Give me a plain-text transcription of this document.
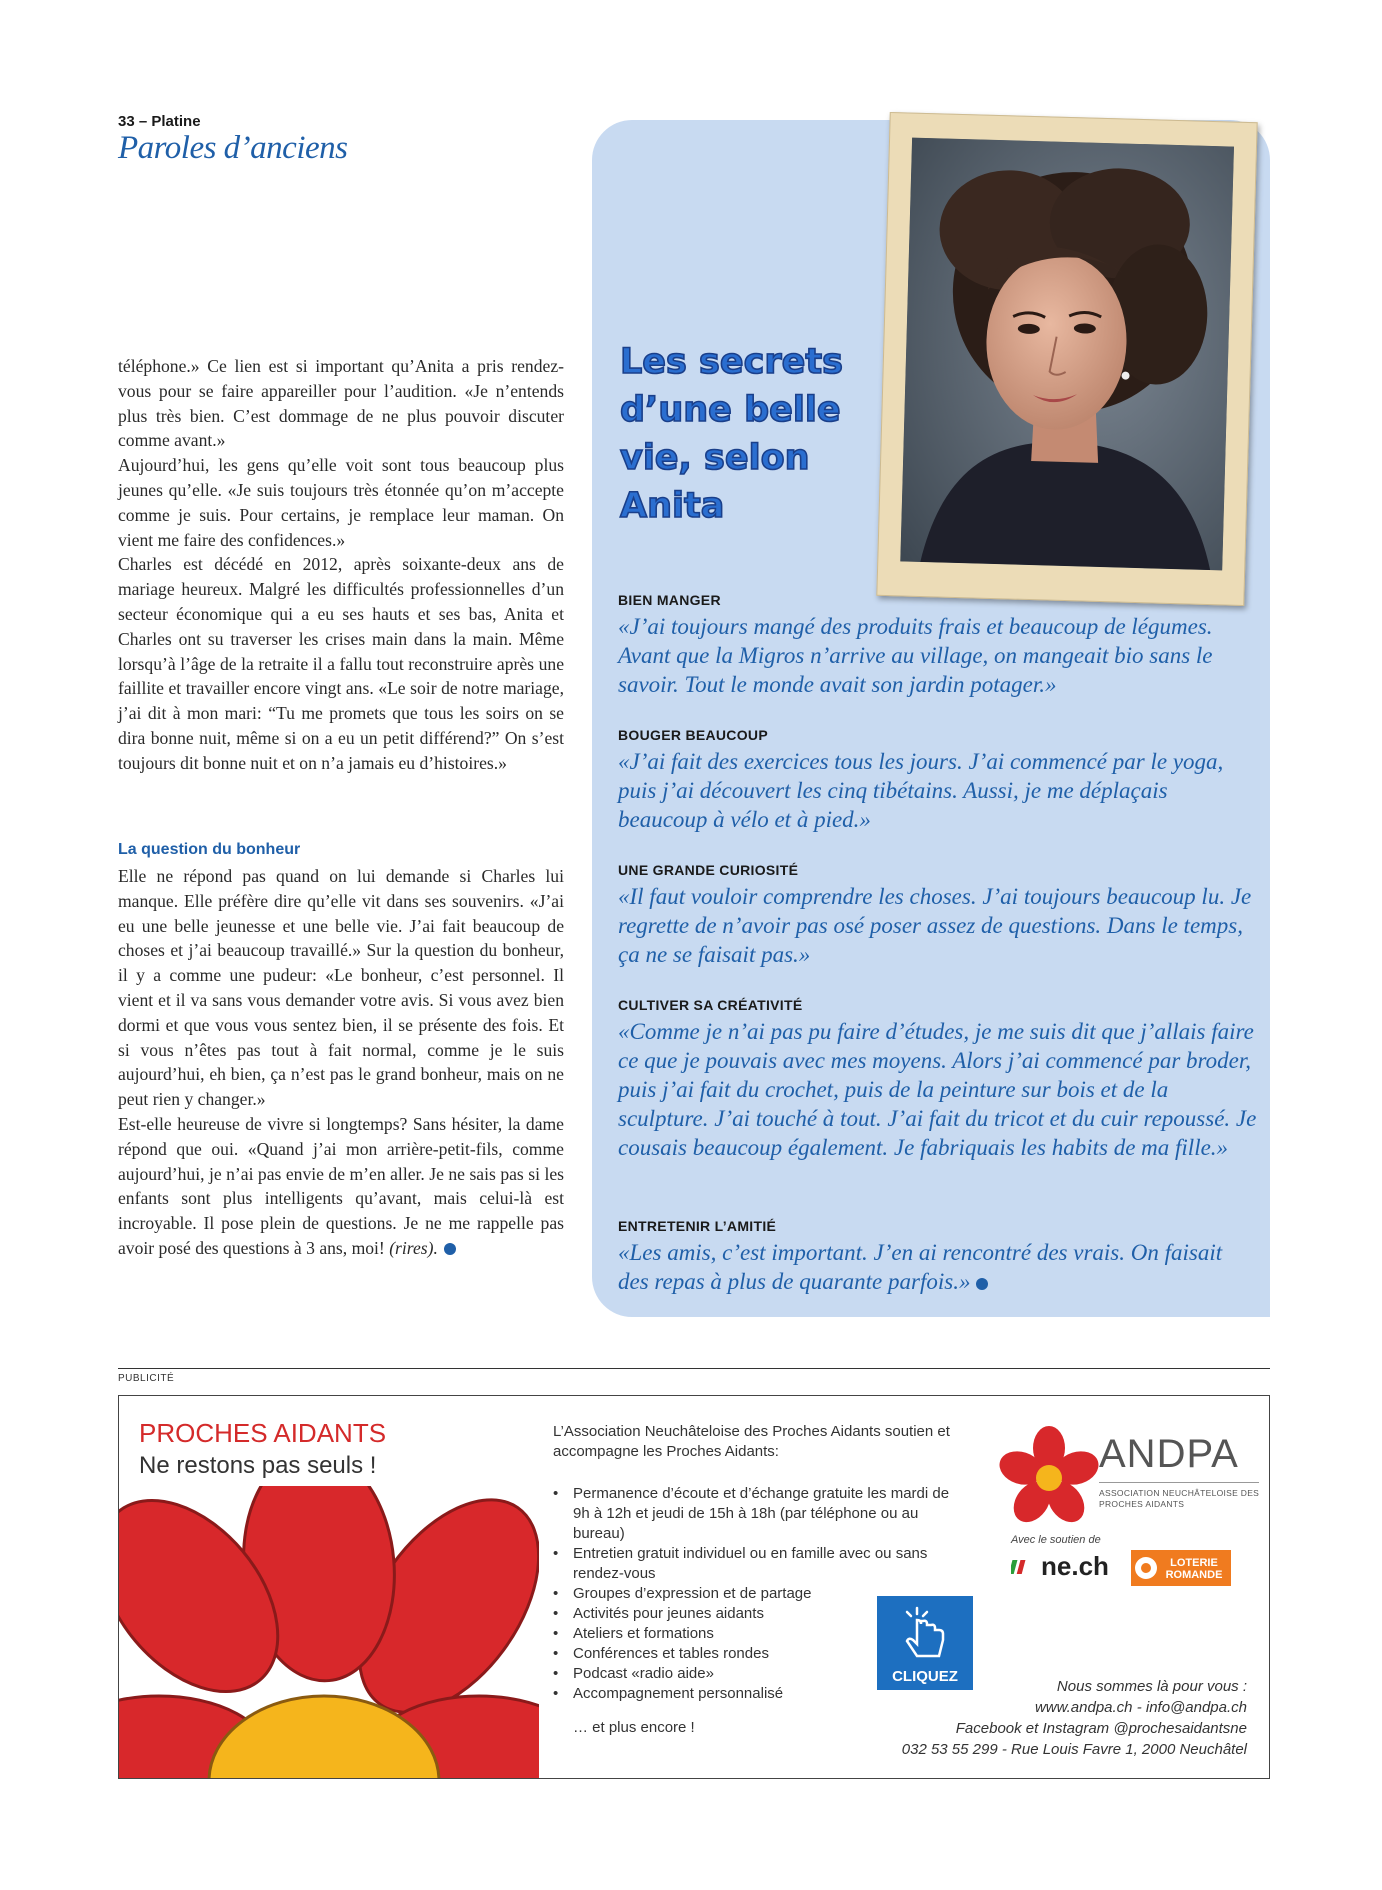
33 – Platine
Paroles d’anciens

téléphone.» Ce lien est si important qu’Anita a pris rendez-vous pour se faire appareiller pour l’audition. «Je n’entends plus très bien. C’est dommage de ne plus pouvoir discuter comme avant.»

Aujourd’hui, les gens qu’elle voit sont tous beaucoup plus jeunes qu’elle. «Je suis toujours très étonnée qu’on m’accepte comme je suis. Pour certains, je remplace leur maman. On vient me faire des confidences.»

Charles est décédé en 2012, après soixante-deux ans de mariage heureux. Malgré les difficultés professionnelles d’un secteur économique qui a eu ses hauts et ses bas, Anita et Charles ont su traverser les crises main dans la main. Même lorsqu’à l’âge de la retraite il a fallu tout reconstruire après une faillite et travailler encore vingt ans. «Le soir de notre mariage, j’ai dit à mon mari: “Tu me promets que tous les soirs on se dira bonne nuit, même si on a eu un petit différend?” On s’est toujours dit bonne nuit et on n’a jamais eu d’histoires.»

La question du bonheur

Elle ne répond pas quand on lui demande si Charles lui manque. Elle préfère dire qu’elle vit dans ses souvenirs. «J’ai eu une belle jeunesse et une belle vie. J’ai fait beaucoup de choses et j’ai beaucoup travaillé.» Sur la question du bonheur, il y a comme une pudeur: «Le bonheur, c’est personnel. Il vient et il va sans vous demander votre avis. Si vous avez bien dormi et que vous vous sentez bien, il se présente des fois. Et si vous n’êtes pas tout à fait normal, comme je le suis aujourd’hui, eh bien, ça n’est pas le grand bonheur, mais on ne peut rien y changer.»

Est-elle heureuse de vivre si longtemps? Sans hésiter, la dame répond que oui. «Quand j’ai mon arrière-petit-fils, comme aujourd’hui, je n’ai pas envie de m’en aller. Je ne sais pas si les enfants sont plus intelligents qu’avant, mais celui-là est incroyable. Il pose plein de questions. Je ne me rappelle pas avoir posé des questions à 3 ans, moi! (rires).

Les secrets d’une belle vie, selon Anita
BIEN MANGER
«J’ai toujours mangé des produits frais et beaucoup de légumes. Avant que la Migros n’arrive au village, on mangeait bio sans le savoir. Tout le monde avait son jardin potager.»
BOUGER BEAUCOUP
«J’ai fait des exercices tous les jours. J’ai commencé par le yoga, puis j’ai découvert les cinq tibétains. Aussi, je me déplaçais beaucoup à vélo et à pied.»
UNE GRANDE CURIOSITÉ
«Il faut vouloir comprendre les choses. J’ai toujours beaucoup lu. Je regrette de n’avoir pas osé poser assez de questions. Dans le temps, ça ne se faisait pas.»
CULTIVER SA CRÉATIVITÉ
«Comme je n’ai pas pu faire d’études, je me suis dit que j’allais faire ce que je pouvais avec mes moyens. Alors j’ai commencé par broder, puis j’ai fait du crochet, puis de la peinture sur bois et de la sculpture. J’ai touché à tout. J’ai fait du tricot et du cuir repoussé. Je cousais beaucoup également. Je fabriquais les habits de ma fille.»
ENTRETENIR L’AMITIÉ
«Les amis, c’est important. J’en ai rencontré des vrais. On faisait des repas à plus de quarante parfois.»
PUBLICITÉ
PROCHES AIDANTS
Ne restons pas seuls !
L’Association Neuchâteloise des Proches Aidants soutien et accompagne les Proches Aidants:
• Permanence d’écoute et d’échange gratuite les mardi de 9h à 12h et jeudi de 15h à 18h (par téléphone ou au bureau)
• Entretien gratuit individuel ou en famille avec ou sans rendez-vous
• Groupes d’expression et de partage
• Activités pour jeunes aidants
• Ateliers et formations
• Conférences et tables rondes
• Podcast «radio aide»
• Accompagnement personnalisé
… et plus encore !
CLIQUEZ
ANDPA
ASSOCIATION NEUCHÂTELOISE DES PROCHES AIDANTS
Avec le soutien de
ne.ch	LOTERIE ROMANDE
Nous sommes là pour vous :
www.andpa.ch - info@andpa.ch
Facebook et Instagram @prochesaidantsne
032 53 55 299 - Rue Louis Favre 1, 2000 Neuchâtel
